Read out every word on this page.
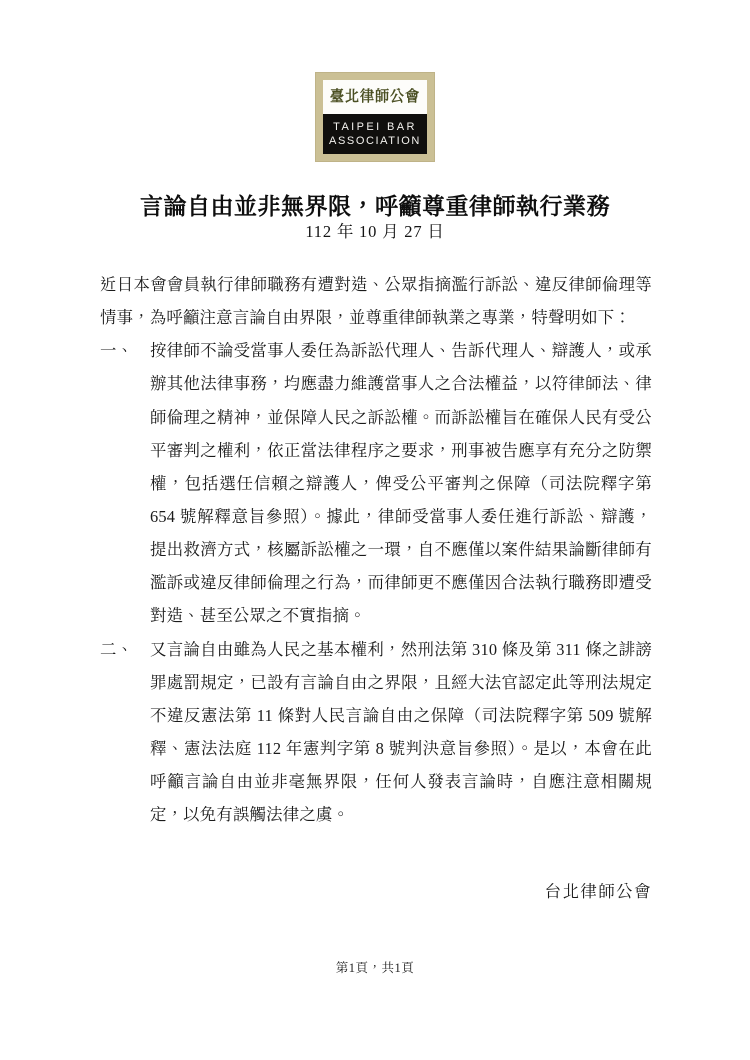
臺北律師公會
TAIPEI BAR
ASSOCIATION
言論自由並非無界限，呼籲尊重律師執行業務
112 年 10 月 27 日

近日本會會員執行律師職務有遭對造、公眾指摘濫行訴訟、違反律師倫理等情事，為呼籲注意言論自由界限，並尊重律師執業之專業，特聲明如下：

一、	按律師不論受當事人委任為訴訟代理人、告訴代理人、辯護人，或承辦其他法律事務，均應盡力維護當事人之合法權益，以符律師法、律師倫理之精神，並保障人民之訴訟權。而訴訟權旨在確保人民有受公平審判之權利，依正當法律程序之要求，刑事被告應享有充分之防禦權，包括選任信賴之辯護人，俾受公平審判之保障（司法院釋字第 654 號解釋意旨參照）。據此，律師受當事人委任進行訴訟、辯護，提出救濟方式，核屬訴訟權之一環，自不應僅以案件結果論斷律師有濫訴或違反律師倫理之行為，而律師更不應僅因合法執行職務即遭受對造、甚至公眾之不實指摘。
二、	又言論自由雖為人民之基本權利，然刑法第 310 條及第 311 條之誹謗罪處罰規定，已設有言論自由之界限，且經大法官認定此等刑法規定不違反憲法第 11 條對人民言論自由之保障（司法院釋字第 509 號解釋、憲法法庭 112 年憲判字第 8 號判決意旨參照）。是以，本會在此呼籲言論自由並非毫無界限，任何人發表言論時，自應注意相關規定，以免有誤觸法律之虞。
台北律師公會
第1頁，共1頁
